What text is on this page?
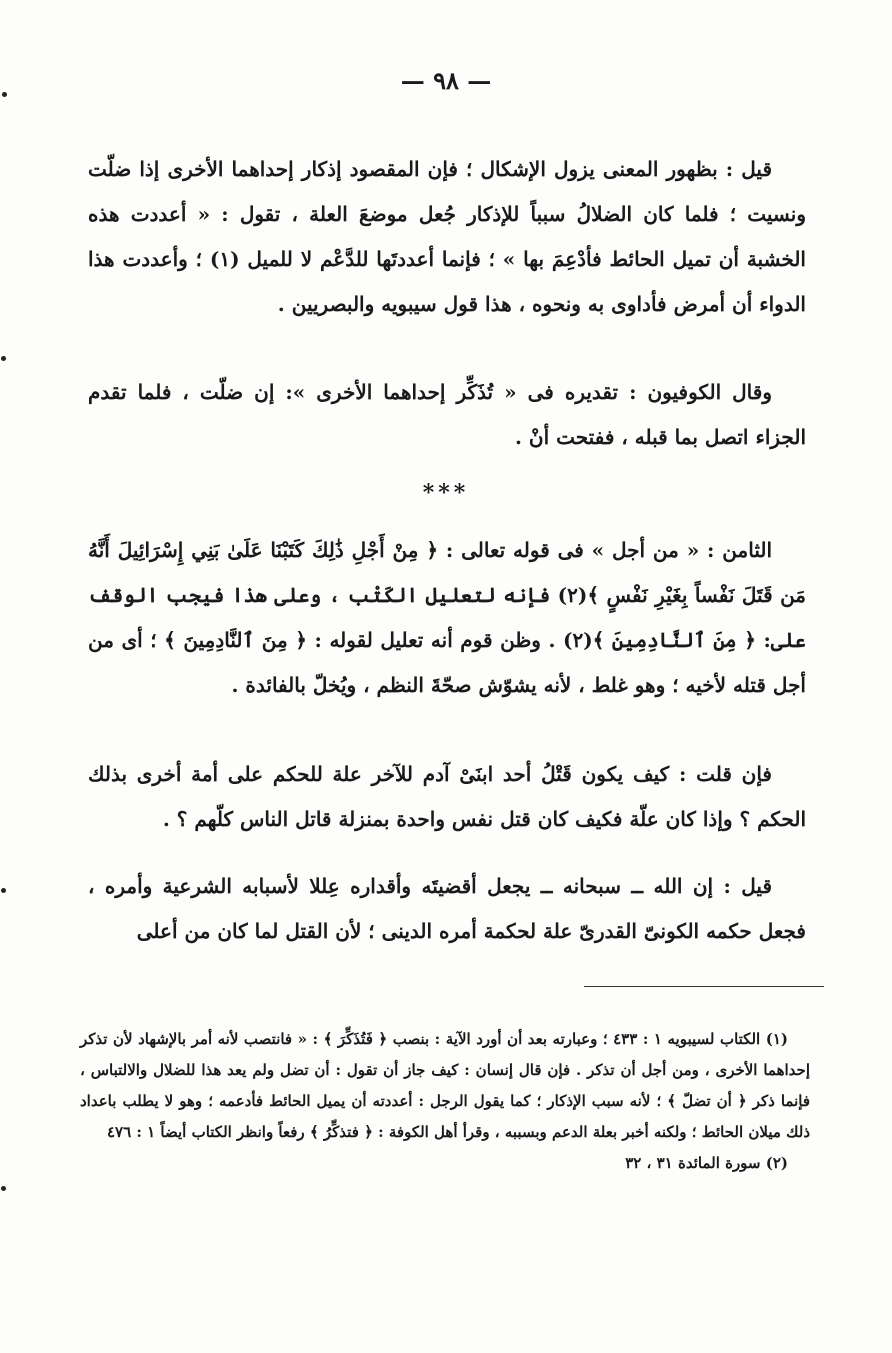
— ٩٨ —

قيل : بظهور المعنى يزول الإشكال ؛ فإن المقصود إذكار إحداهما الأخرى إذا ضلّت ونسيت ؛ فلما كان الضلالُ سبباً للإذكار جُعل موضعَ العلة ، تقول : « أعددت هذه الخشبة أن تميل الحائط فأدْعِمَ بها » ؛ فإنما أعددتَها للدَّعْم لا للميل (١) ؛ وأعددت هذا الدواء أن أمرض فأداوى به ونحوه ، هذا قول سيبويه والبصريين .

وقال الكوفيون : تقديره فى « تُذَكِّر إحداهما الأخرى »: إن ضلّت ، فلما تقدم الجزاء اتصل بما قبله ، ففتحت أنْ .

***

الثامن : « من أجل » فى قوله تعالى : ﴿ مِنْ أَجْلِ ذَٰلِكَ كَتَبْنَا عَلَىٰ بَنِي إِسْرَائِيلَ أَنَّهُ مَن قَتَلَ نَفْساً بِغَيْرِ نَفْسٍ ﴾(٢) فإنه لتعليل الكَتْب ، وعلى هذا فيجب الوقف على: ﴿ مِنَ ٱلنَّادِمِينَ ﴾(٢) . وظن قوم أنه تعليل لقوله : ﴿ مِنَ ٱلنَّادِمِينَ ﴾ ؛ أى من أجل قتله لأخيه ؛ وهو غلط ، لأنه يشوّش صحّةَ النظم ، ويُخلّ بالفائدة .

فإن قلت : كيف يكون قَتْلُ أحد ابنَىْ آدم للآخر علة للحكم على أمة أخرى بذلك الحكم ؟ وإذا كان علّة فكيف كان قتل نفس واحدة بمنزلة قاتل الناس كلّهم ؟ .

قيل : إن الله ــ سبحانه ــ يجعل أقضيتَه وأقداره عِللا لأسبابه الشرعية وأمره ، فجعل حكمه الكونىّ القدرىّ علة لحكمة أمره الدينى ؛ لأن القتل لما كان من أعلى

(١) الكتاب لسيبويه ١ : ٤٣٣ ؛ وعبارته بعد أن أورد الآية : بنصب ﴿ فَتُذَكِّرَ ﴾ : « فانتصب لأنه أمر بالإشهاد لأن تذكر إحداهما الأخرى ، ومن أجل أن تذكر . فإن قال إنسان : كيف جاز أن تقول : أن تضل ولم يعد هذا للضلال والالتباس ، فإنما ذكر ﴿ أن تضلّ ﴾ ؛ لأنه سبب الإذكار ؛ كما يقول الرجل : أعددته أن يميل الحائط فأدعمه ؛ وهو لا يطلب باعداد ذلك ميلان الحائط ؛ ولكنه أخبر بعلة الدعم وبسببه ، وقرأ أهل الكوفة : ﴿ فتذكِّرُ ﴾ رفعاً وانظر الكتاب أيضاً ١ : ٤٧٦

(٢) سورة المائدة ٣١ ، ٣٢
